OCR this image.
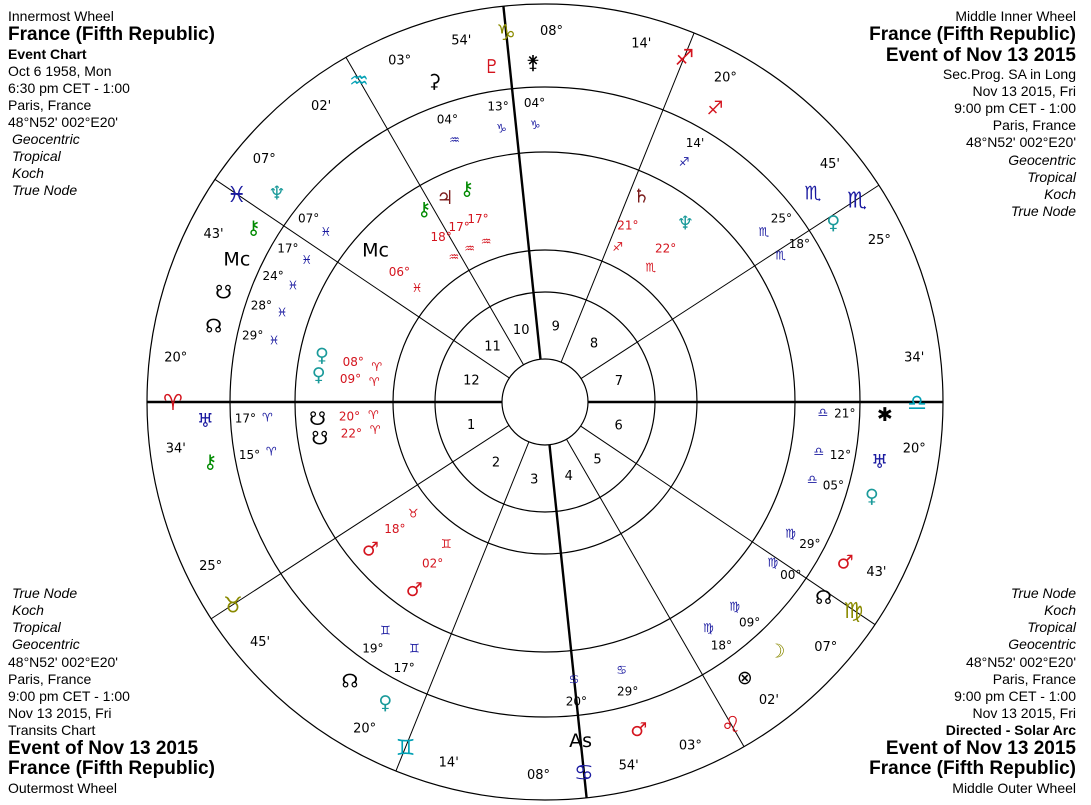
Innermost Wheel
France (Fifth Republic)
Event Chart
Oct 6 1958, Mon
6:30 pm CET - 1:00
Paris, France
48°N52' 002°E20'
Geocentric
Tropical
Koch
True Node
Middle Inner Wheel
France (Fifth Republic)
Event of Nov 13 2015
Sec.Prog. SA in Long
Nov 13 2015, Fri
9:00 pm CET - 1:00
Paris, France
48°N52' 002°E20'
Geocentric
Tropical
Koch
True Node
True Node
Koch
Tropical
Geocentric
48°N52' 002°E20'
Paris, France
9:00 pm CET - 1:00
Nov 13 2015, Fri
Transits Chart
Event of Nov 13 2015
France (Fifth Republic)
Outermost Wheel
True Node
Koch
Tropical
Geocentric
48°N52' 002°E20'
Paris, France
9:00 pm CET - 1:00
Nov 13 2015, Fri
Directed - Solar Arc
Event of Nov 13 2015
France (Fifth Republic)
Middle Outer Wheel
1
2
3 4
5
6
7
8
9
10
11
12
♈
20°
34'
♉
25°
45'
♊
20°
14'	♋
08°
54'
♌
03°
02'
♍
07°
43'
♎
20°
34'
♏
25°
45'
♐
20°
14'
♑ 08°
54'
♒
03°
02'
♓
07°
43'
♀ 08° ♈
♀ 09° ♈
☋ 20° ♈
☋ 22° ♈
♂
18°
♉
♂
02°
♊
♄
21°
♐
♆
22°
♏
⚷
17°
♒
⚷
18°
♒
♃
17°
♒
Mc
06°
♓
♅ 17° ♈
⚷ 15° ♈
♆
07°
♓
⚷
17°
♓
Mc
24°
♓
☋
28°
♓
☊ 29° ♓
⚳
04°
♒
♇
13°
♑
⚵
04°
♑
♐
14'
♐
♏
25°
♏	♀
18°
♏
✱
21°
♎
♅
12°
♎
♀
05°
♎
♂
29°
♍
☊
00°
♍
☽
09°
♍
⊗
18°
♍
♂
29°
♋
As
20°
♋
♀
17°
♊
☊
19°
♊
